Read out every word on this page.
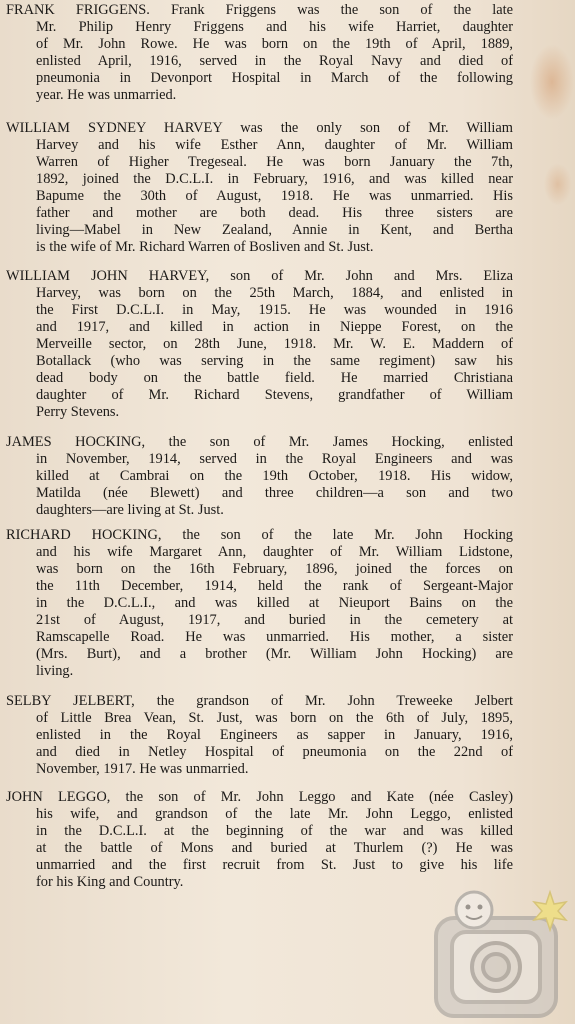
FRANK FRIGGENS. Frank Friggens was the son of the late
Mr. Philip Henry Friggens and his wife Harriet, daughter
of Mr. John Rowe. He was born on the 19th of April, 1889,
enlisted April, 1916, served in the Royal Navy and died of
pneumonia in Devonport Hospital in March of the following
year. He was unmarried.
WILLIAM SYDNEY HARVEY was the only son of Mr. William
Harvey and his wife Esther Ann, daughter of Mr. William
Warren of Higher Tregeseal. He was born January the 7th,
1892, joined the D.C.L.I. in February, 1916, and was killed near
Bapume the 30th of August, 1918. He was unmarried. His
father and mother are both dead. His three sisters are
living—Mabel in New Zealand, Annie in Kent, and Bertha
is the wife of Mr. Richard Warren of Bosliven and St. Just.
WILLIAM JOHN HARVEY, son of Mr. John and Mrs. Eliza
Harvey, was born on the 25th March, 1884, and enlisted in
the First D.C.L.I. in May, 1915. He was wounded in 1916
and 1917, and killed in action in Nieppe Forest, on the
Merveille sector, on 28th June, 1918. Mr. W. E. Maddern of
Botallack (who was serving in the same regiment) saw his
dead body on the battle field. He married Christiana
daughter of Mr. Richard Stevens, grandfather of William
Perry Stevens.
JAMES HOCKING, the son of Mr. James Hocking, enlisted
in November, 1914, served in the Royal Engineers and was
killed at Cambrai on the 19th October, 1918. His widow,
Matilda (née Blewett) and three children—a son and two
daughters—are living at St. Just.
RICHARD HOCKING, the son of the late Mr. John Hocking
and his wife Margaret Ann, daughter of Mr. William Lidstone,
was born on the 16th February, 1896, joined the forces on
the 11th December, 1914, held the rank of Sergeant-Major
in the D.C.L.I., and was killed at Nieuport Bains on the
21st of August, 1917, and buried in the cemetery at
Ramscapelle Road. He was unmarried. His mother, a sister
(Mrs. Burt), and a brother (Mr. William John Hocking) are
living.
SELBY JELBERT, the grandson of Mr. John Treweeke Jelbert
of Little Brea Vean, St. Just, was born on the 6th of July, 1895,
enlisted in the Royal Engineers as sapper in January, 1916,
and died in Netley Hospital of pneumonia on the 22nd of
November, 1917. He was unmarried.
JOHN LEGGO, the son of Mr. John Leggo and Kate (née Casley)
his wife, and grandson of the late Mr. John Leggo, enlisted
in the D.C.L.I. at the beginning of the war and was killed
at the battle of Mons and buried at Thurlem (?) He was
unmarried and the first recruit from St. Just to give his life
for his King and Country.
